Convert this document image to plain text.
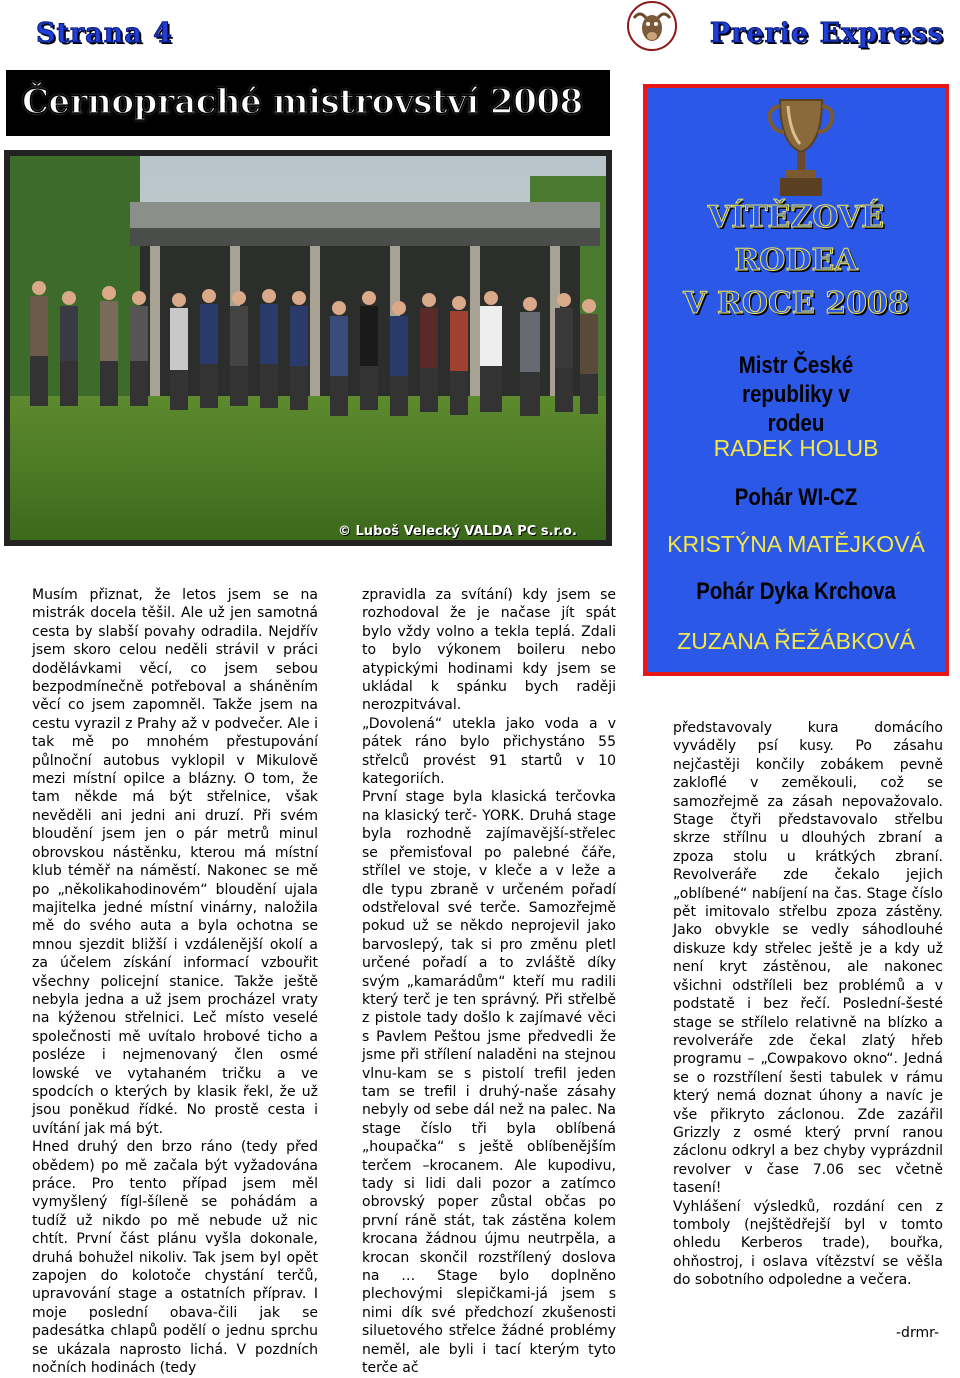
Strana 4	Prerie Express
Černopraché mistrovství 2008
© Luboš Velecký VALDA PC s.r.o.
VÍTĚZOVÉ
RODEA
V ROCE 2008
Mistr České republiky v rodeu
RADEK HOLUB
Pohár WI-CZ
KRISTÝNA MATĚJKOVÁ
Pohár Dyka Krchova
ZUZANA ŘEŽÁBKOVÁ

Musím přiznat, že letos jsem se na mistrák docela těšil. Ale už jen samotná cesta by slabší povahy odradila. Nejdřív jsem skoro celou neděli strávil v práci dodělávkami věcí, co jsem sebou bezpodmínečně potřeboval a sháněním věcí co jsem zapomněl. Takže jsem na cestu vyrazil z Prahy až v podvečer. Ale i tak mě po mnohém přestupování půlnoční autobus vyklopil v Mikulově mezi místní opilce a blázny. O tom, že tam někde má být střelnice, však nevěděli ani jedni ani druzí. Při svém bloudění jsem jen o pár metrů minul obrovskou nástěnku, kterou má místní klub téměř na náměstí. Nakonec se mě po „několikahodinovém“ bloudění ujala majitelka jedné místní vinárny, naložila mě do svého auta a byla ochotna se mnou sjezdit bližší i vzdálenější okolí a za účelem získání informací vzbouřit všechny policejní stanice. Takže ještě nebyla jedna a už jsem procházel vraty na kýženou střelnici. Leč místo veselé společnosti mě uvítalo hrobové ticho a posléze i nejmenovaný člen osmé lowské ve vytahaném tričku a ve spodcích o kterých by klasik řekl, že už jsou poněkud řídké. No prostě cesta i uvítání jak má být.

Hned druhý den brzo ráno (tedy před obědem) po mě začala být vyžadována práce. Pro tento případ jsem měl vymyšlený fígl-šíleně se pohádám a tudíž už nikdo po mě nebude už nic chtít. První část plánu vyšla dokonale, druhá bohužel nikoliv. Tak jsem byl opět zapojen do kolotoče chystání terčů, upravování stage a ostatních příprav. I moje poslední obava-čili jak se padesátka chlapů podělí o jednu sprchu se ukázala naprosto lichá. V pozdních nočních hodinách (tedy

zpravidla za svítání) kdy jsem se rozhodoval že je načase jít spát bylo vždy volno a tekla teplá. Zdali to bylo výkonem boileru nebo atypickými hodinami kdy jsem se ukládal k spánku bych raději nerozpitvával.

„Dovolená“ utekla jako voda a v pátek ráno bylo přichystáno 55 střelců provést 91 startů v 10 kategoriích.

První stage byla klasická terčovka na klasický terč- YORK. Druhá stage byla rozhodně zajímavější-střelec se přemisťoval po palebné čáře, střílel ve stoje, v kleče a v leže a dle typu zbraně v určeném pořadí odstřeloval své terče. Samozřejmě pokud už se někdo neprojevil jako barvoslepý, tak si pro změnu pletl určené pořadí a to zvláště díky svým „kamarádům“ kteří mu radili který terč je ten správný. Při střelbě z pistole tady došlo k zajímavé věci s Pavlem Peštou jsme předvedli že jsme při střílení naladěni na stejnou vlnu-kam se s pistolí trefil jeden tam se trefil i druhý-naše zásahy nebyly od sebe dál než na palec. Na stage číslo tři byla oblíbená „houpačka“ s ještě oblíbenějším terčem –krocanem. Ale kupodivu, tady si lidi dali pozor a zatímco obrovský poper zůstal občas po první ráně stát, tak zástěna kolem krocana žádnou újmu neutrpěla, a krocan skončil rozstřílený doslova na … Stage bylo doplněno plechovými slepičkami-já jsem s nimi dík své předchozí zkušenosti siluetového střelce žádné problémy neměl, ale byli i tací kterým tyto terče ač

představovaly kura domácího vyváděly psí kusy. Po zásahu nejčastěji končily zobákem pevně zakloflé v zeměkouli, což se samozřejmě za zásah nepovažovalo. Stage čtyři představovalo střelbu skrze střílnu u dlouhých zbraní a zpoza stolu u krátkých zbraní. Revolveráře zde čekalo jejich „oblíbené“ nabíjení na čas. Stage číslo pět imitovalo střelbu zpoza zástěny. Jako obvykle se vedly sáhodlouhé diskuze kdy střelec ještě je a kdy už není kryt zástěnou, ale nakonec všichni odstříleli bez problémů a v podstatě i bez řečí. Poslední-šesté stage se střílelo relativně na blízko a revolveráře zde čekal zlatý hřeb programu – „Cowpakovo okno“. Jedná se o rozstřílení šesti tabulek v rámu který nemá doznat úhony a navíc je vše přikryto záclonou. Zde zazářil Grizzly z osmé který první ranou záclonu odkryl a bez chyby vyprázdnil revolver v čase 7.06 sec včetně tasení!

Vyhlášení výsledků, rozdání cen z tomboly (nejštědřejší byl v tomto ohledu Kerberos trade), bouřka, ohňostroj, i oslava vítězství se věšla do sobotního odpoledne a večera.

-drmr-
